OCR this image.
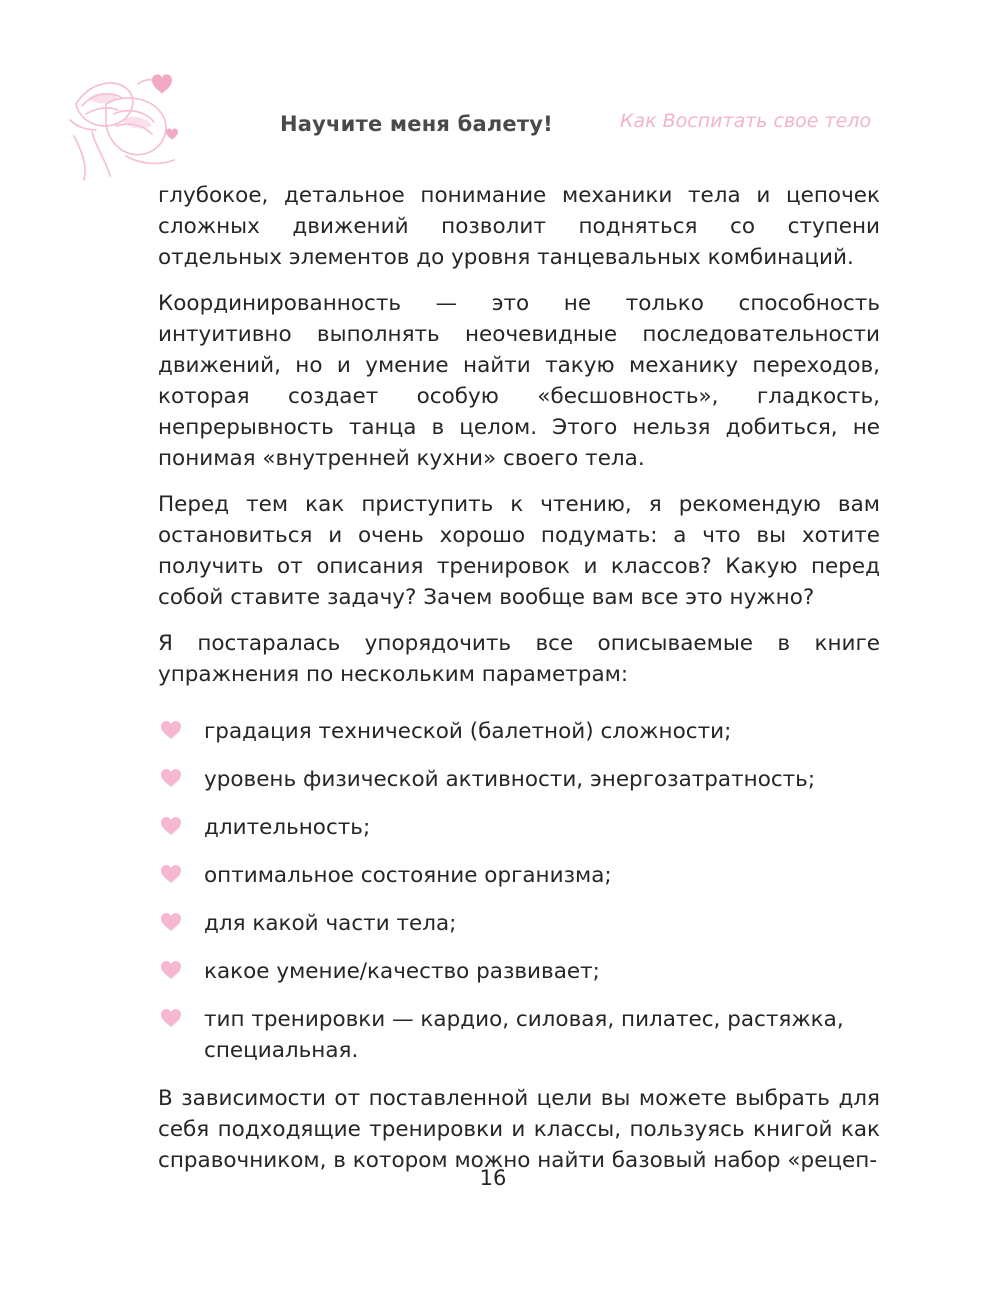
Научите меня балету!	Как Воспитать свое тело

глубокое, детальное понимание механики тела и цепочек сложных движений позволит подняться со ступени отдельных элементов до уровня танцевальных комбинаций.

Координированность — это не только способность интуитивно выполнять неочевидные последовательности движений, но и умение найти такую механику переходов, которая создает особую «бесшовность», гладкость, непрерывность танца в целом. Этого нельзя добиться, не понимая «внутренней кухни» своего тела.

Перед тем как приступить к чтению, я рекомендую вам остановиться и очень хорошо подумать: а что вы хотите получить от описания тренировок и классов? Какую перед собой ставите задачу? Зачем вообще вам все это нужно?

Я постаралась упорядочить все описываемые в книге упражнения по нескольким параметрам:

градация технической (балетной) сложности;
уровень физической активности, энергозатратность;
длительность;
оптимальное состояние организма;
для какой части тела;
какое умение/качество развивает;
тип тренировки — кардио, силовая, пилатес, растяжка, специальная.

В зависимости от поставленной цели вы можете выбрать для себя подходящие тренировки и классы, пользуясь книгой как справочником, в котором можно найти базовый набор «рецеп-

16
